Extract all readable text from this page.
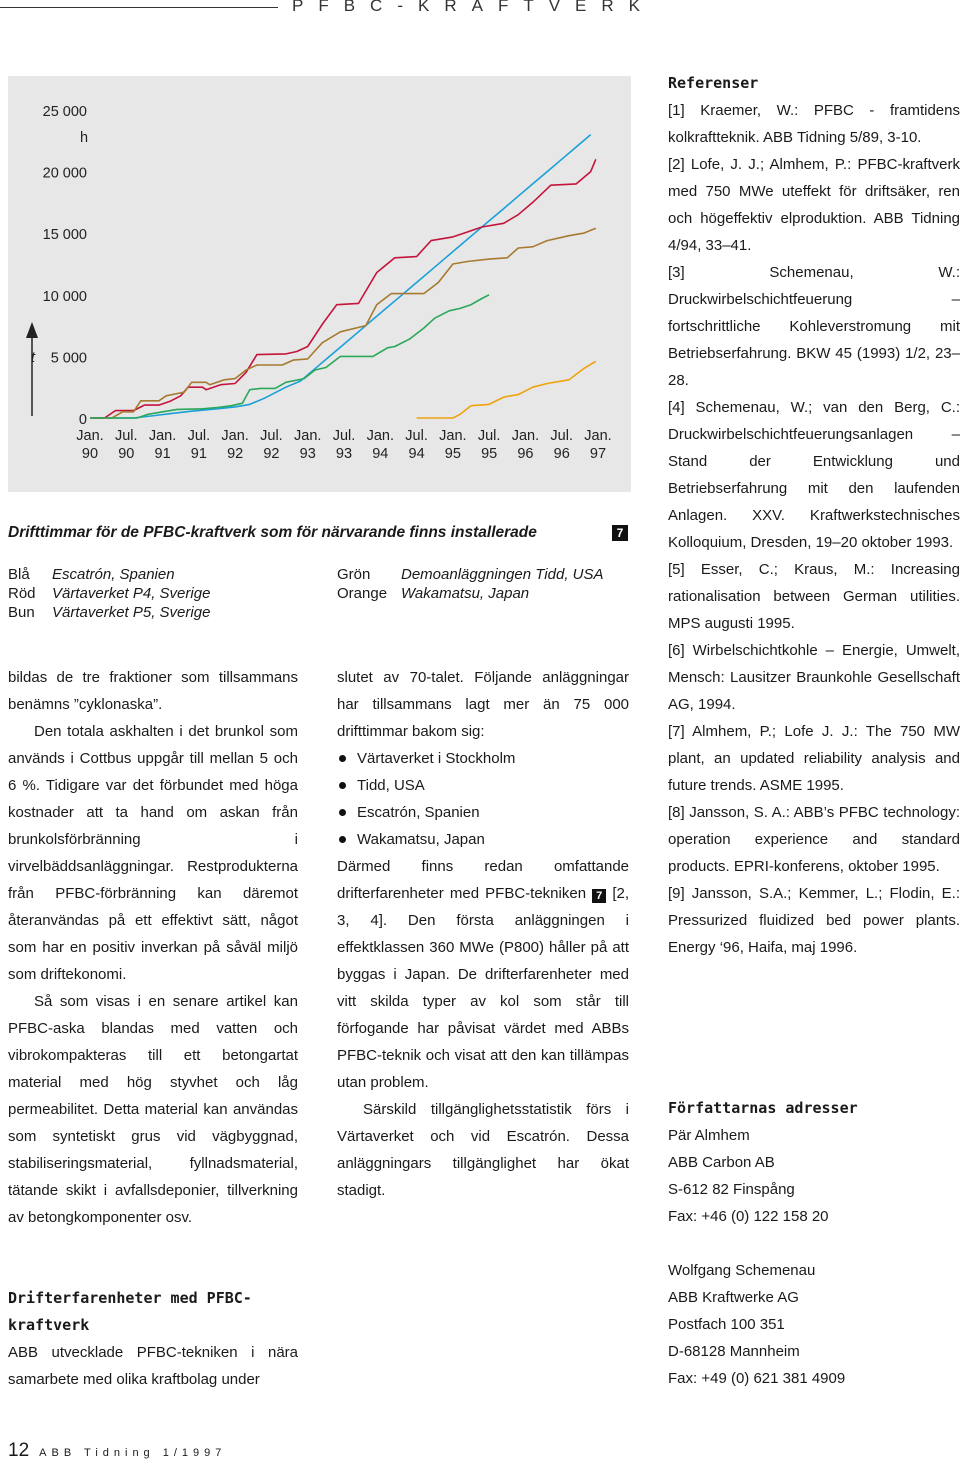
PFBC-KRAFTVERK
25 000
20 000
15 000
10 000
5 000
0
h
t
Jan.
90
Jul.
90
Jan.
91
Jul.
91
Jan.
92
Jul.
92
Jan.
93
Jul.
93
Jan.
94
Jul.
94
Jan.
95
Jul.
95
Jan.
96
Jul.
96
Jan.
97
Drifttimmar för de PFBC-kraftverk som för närvarande finns installerade	7
Blå	Escatrón, Spanien
Röd	Värtaverket P4, Sverige
Bun	Värtaverket P5, Sverige
Grön	Demoanläggningen Tidd, USA
Orange Wakamatsu, Japan

bildas de tre fraktioner som tillsammans benämns ”cyklonaska”.

Den totala askhalten i det brunkol som används i Cottbus uppgår till mellan 5 och 6 %. Tidigare var det förbundet med höga kostnader att ta hand om askan från brunkolsförbränning i virvelbäddsanläggningar. Restprodukterna från PFBC-förbränning kan däremot återanvändas på ett effektivt sätt, något som har en positiv inverkan på såväl miljö som driftekonomi.

Så som visas i en senare artikel kan PFBC-aska blandas med vatten och vibrokompakteras till ett betongartat material med hög styvhet och låg permeabilitet. Detta material kan användas som syntetiskt grus vid vägbyggnad, stabiliseringsmaterial, fyllnadsmaterial, tätande skikt i avfallsdeponier, tillverkning av betongkomponenter osv.

Drifterfarenheter med PFBC-kraftverk

ABB utvecklade PFBC-tekniken i nära samarbete med olika kraftbolag under

slutet av 70-talet. Följande anläggningar har tillsammans lagt mer än 75 000 drifttimmar bakom sig:

Värtaverket i Stockholm
Tidd, USA
Escatrón, Spanien
Wakamatsu, Japan

Därmed finns redan omfattande drifterfarenheter med PFBC-tekniken 7 [2, 3, 4]. Den första anläggningen i effektklassen 360 MWe (P800) håller på att byggas i Japan. De drifterfarenheter med vitt skilda typer av kol som står till förfogande har påvisat värdet med ABBs PFBC-teknik och visat att den kan tillämpas utan problem.

Särskild tillgänglighetsstatistik förs i Värtaverket och vid Escatrón. Dessa anläggningars tillgänglighet har ökat stadigt.

Referenser

[1] Kraemer, W.: PFBC - framtidens kolkraftteknik. ABB Tidning 5/89, 3-10.

[2] Lofe, J. J.; Almhem, P.: PFBC-kraftverk med 750 MWe uteffekt för driftsäker, ren och högeffektiv elproduktion. ABB Tidning 4/94, 33–41.

[3] Schemenau, W.: Druckwirbelschichtfeuerung – fortschrittliche Kohleverstromung mit Betriebserfahrung. BKW 45 (1993) 1/2, 23–28.

[4] Schemenau, W.; van den Berg, C.: Druckwirbelschichtfeuerungsanlagen – Stand der Entwicklung und Betriebserfahrung mit den laufenden Anlagen. XXV. Kraftwerkstechnisches Kolloquium, Dresden, 19–20 oktober 1993.

[5] Esser, C.; Kraus, M.: Increasing rationalisation between German utilities. MPS augusti 1995.

[6] Wirbelschichtkohle – Energie, Umwelt, Mensch: Lausitzer Braunkohle Gesellschaft AG, 1994.

[7] Almhem, P.; Lofe J. J.: The 750 MW plant, an updated reliability analysis and future trends. ASME 1995.

[8] Jansson, S. A.: ABB’s PFBC technology: operation experience and standard products. EPRI-konferens, oktober 1995.

[9] Jansson, S.A.; Kemmer, L.; Flodin, E.: Pressurized fluidized bed power plants. Energy ‘96, Haifa, maj 1996.

Författarnas adresser
Pär Almhem
ABB Carbon AB
S-612 82 Finspång
Fax: +46 (0) 122 158 20
Wolfgang Schemenau
ABB Kraftwerke AG
Postfach 100 351
D-68128 Mannheim
Fax: +49 (0) 621 381 4909
12 ABB Tidning 1/1997
